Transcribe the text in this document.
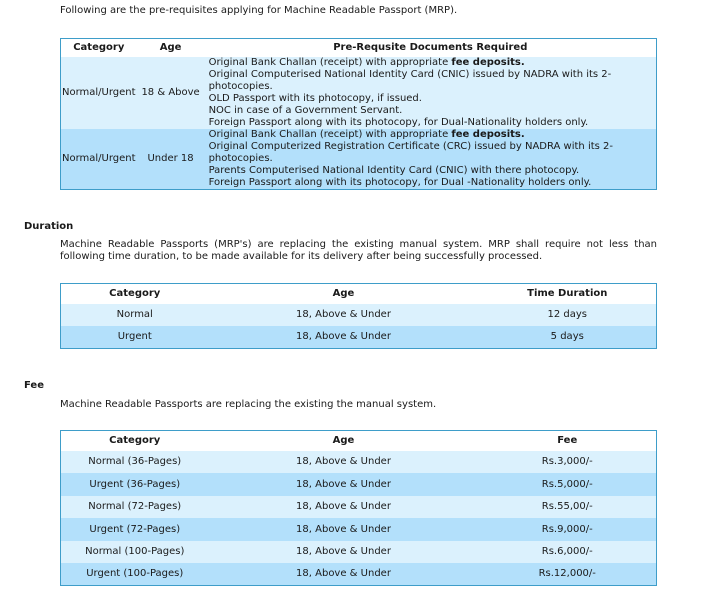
Following are the pre-requisites applying for Machine Readable Passport (MRP).
Category	Age	Pre-Requsite Documents Required
Normal/Urgent	18 & Above	Original Bank Challan (receipt) with appropriate fee deposits.
Original Computerised National Identity Card (CNIC) issued by NADRA with its 2-photocopies.
OLD Passport with its photocopy, if issued.
NOC in case of a Government Servant.
Foreign Passport along with its photocopy, for Dual-Nationality holders only.

Normal/Urgent	Under 18	Original Bank Challan (receipt) with appropriate fee deposits.
Original Computerized Registration Certificate (CRC) issued by NADRA with its 2-photocopies.
Parents Computerised National Identity Card (CNIC) with there photocopy.
Foreign Passport along with its photocopy, for Dual -Nationality holders only.
Duration
Machine Readable Passports (MRP's) are replacing the existing manual system. MRP shall require not less than following time duration, to be made available for its delivery after being successfully processed.
Category	Age	Time Duration
Normal	18, Above & Under	12 days
Urgent	18, Above & Under	5 days
Fee
Machine Readable Passports are replacing the existing the manual system.
Category	Age	Fee
Normal (36-Pages)	18, Above & Under	Rs.3,000/-
Urgent (36-Pages)	18, Above & Under	Rs.5,000/-
Normal (72-Pages)	18, Above & Under	Rs.55,00/-
Urgent (72-Pages)	18, Above & Under	Rs.9,000/-
Normal (100-Pages)	18, Above & Under	Rs.6,000/-
Urgent (100-Pages)	18, Above & Under	Rs.12,000/-
